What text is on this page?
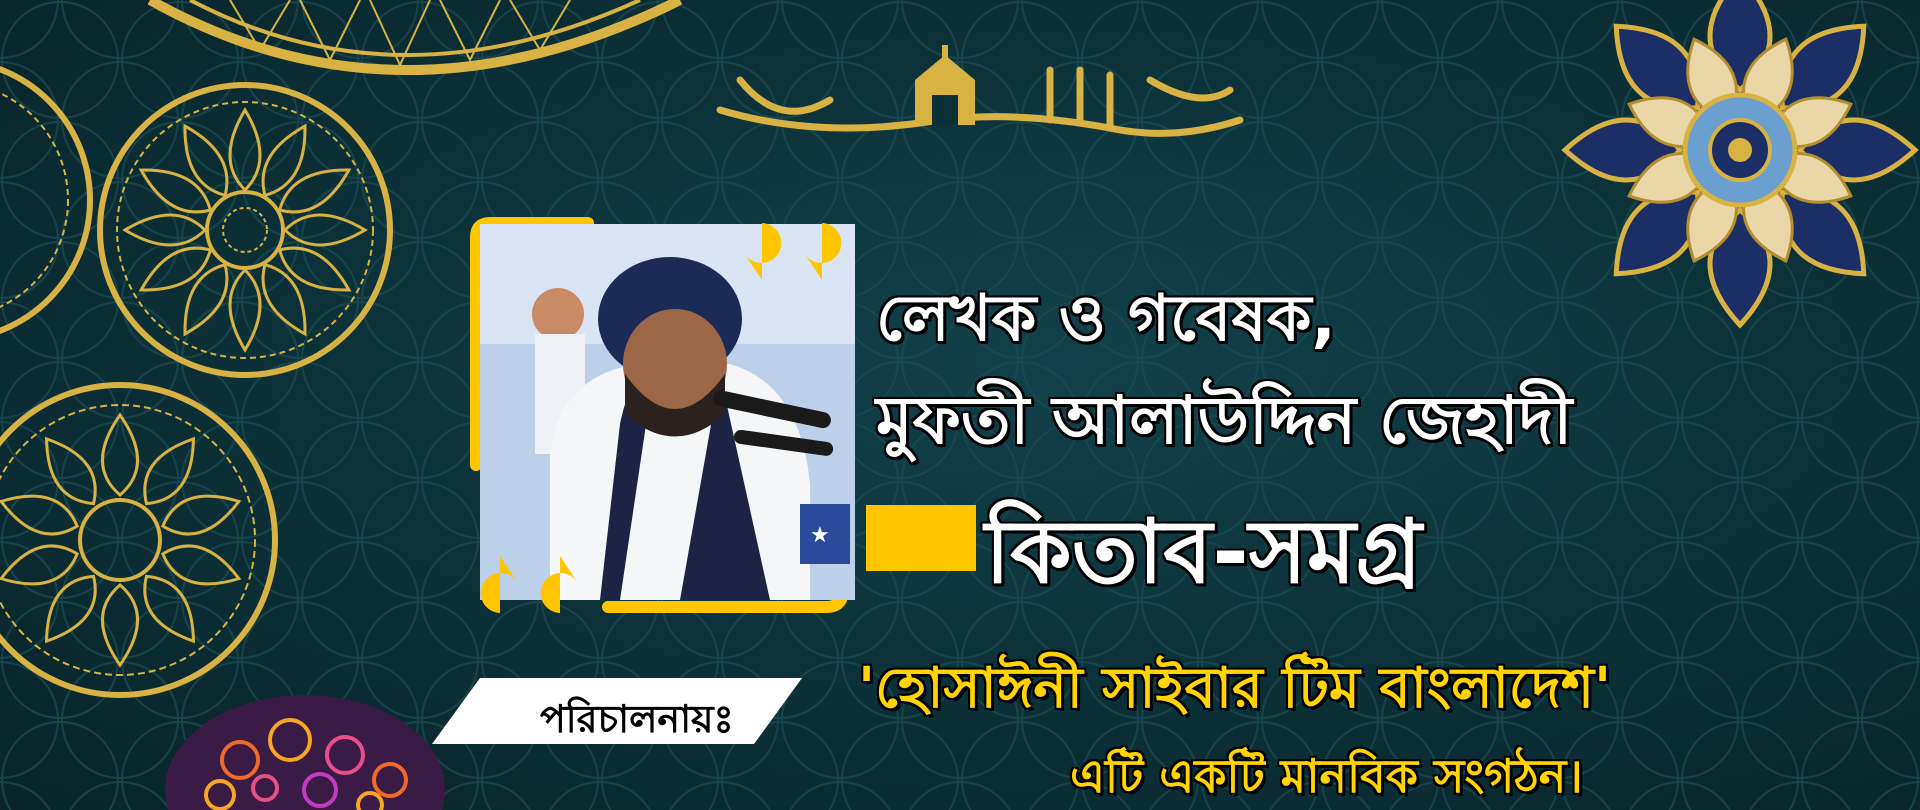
★
লেখক ও গবেষক,
মুফতী আলাউদ্দিন জেহাদী
কিতাব-সমগ্র
পরিচালনায়ঃ 'হোসাঈনী সাইবার টিম বাংলাদেশ'
এটি একটি মানবিক সংগঠন।
